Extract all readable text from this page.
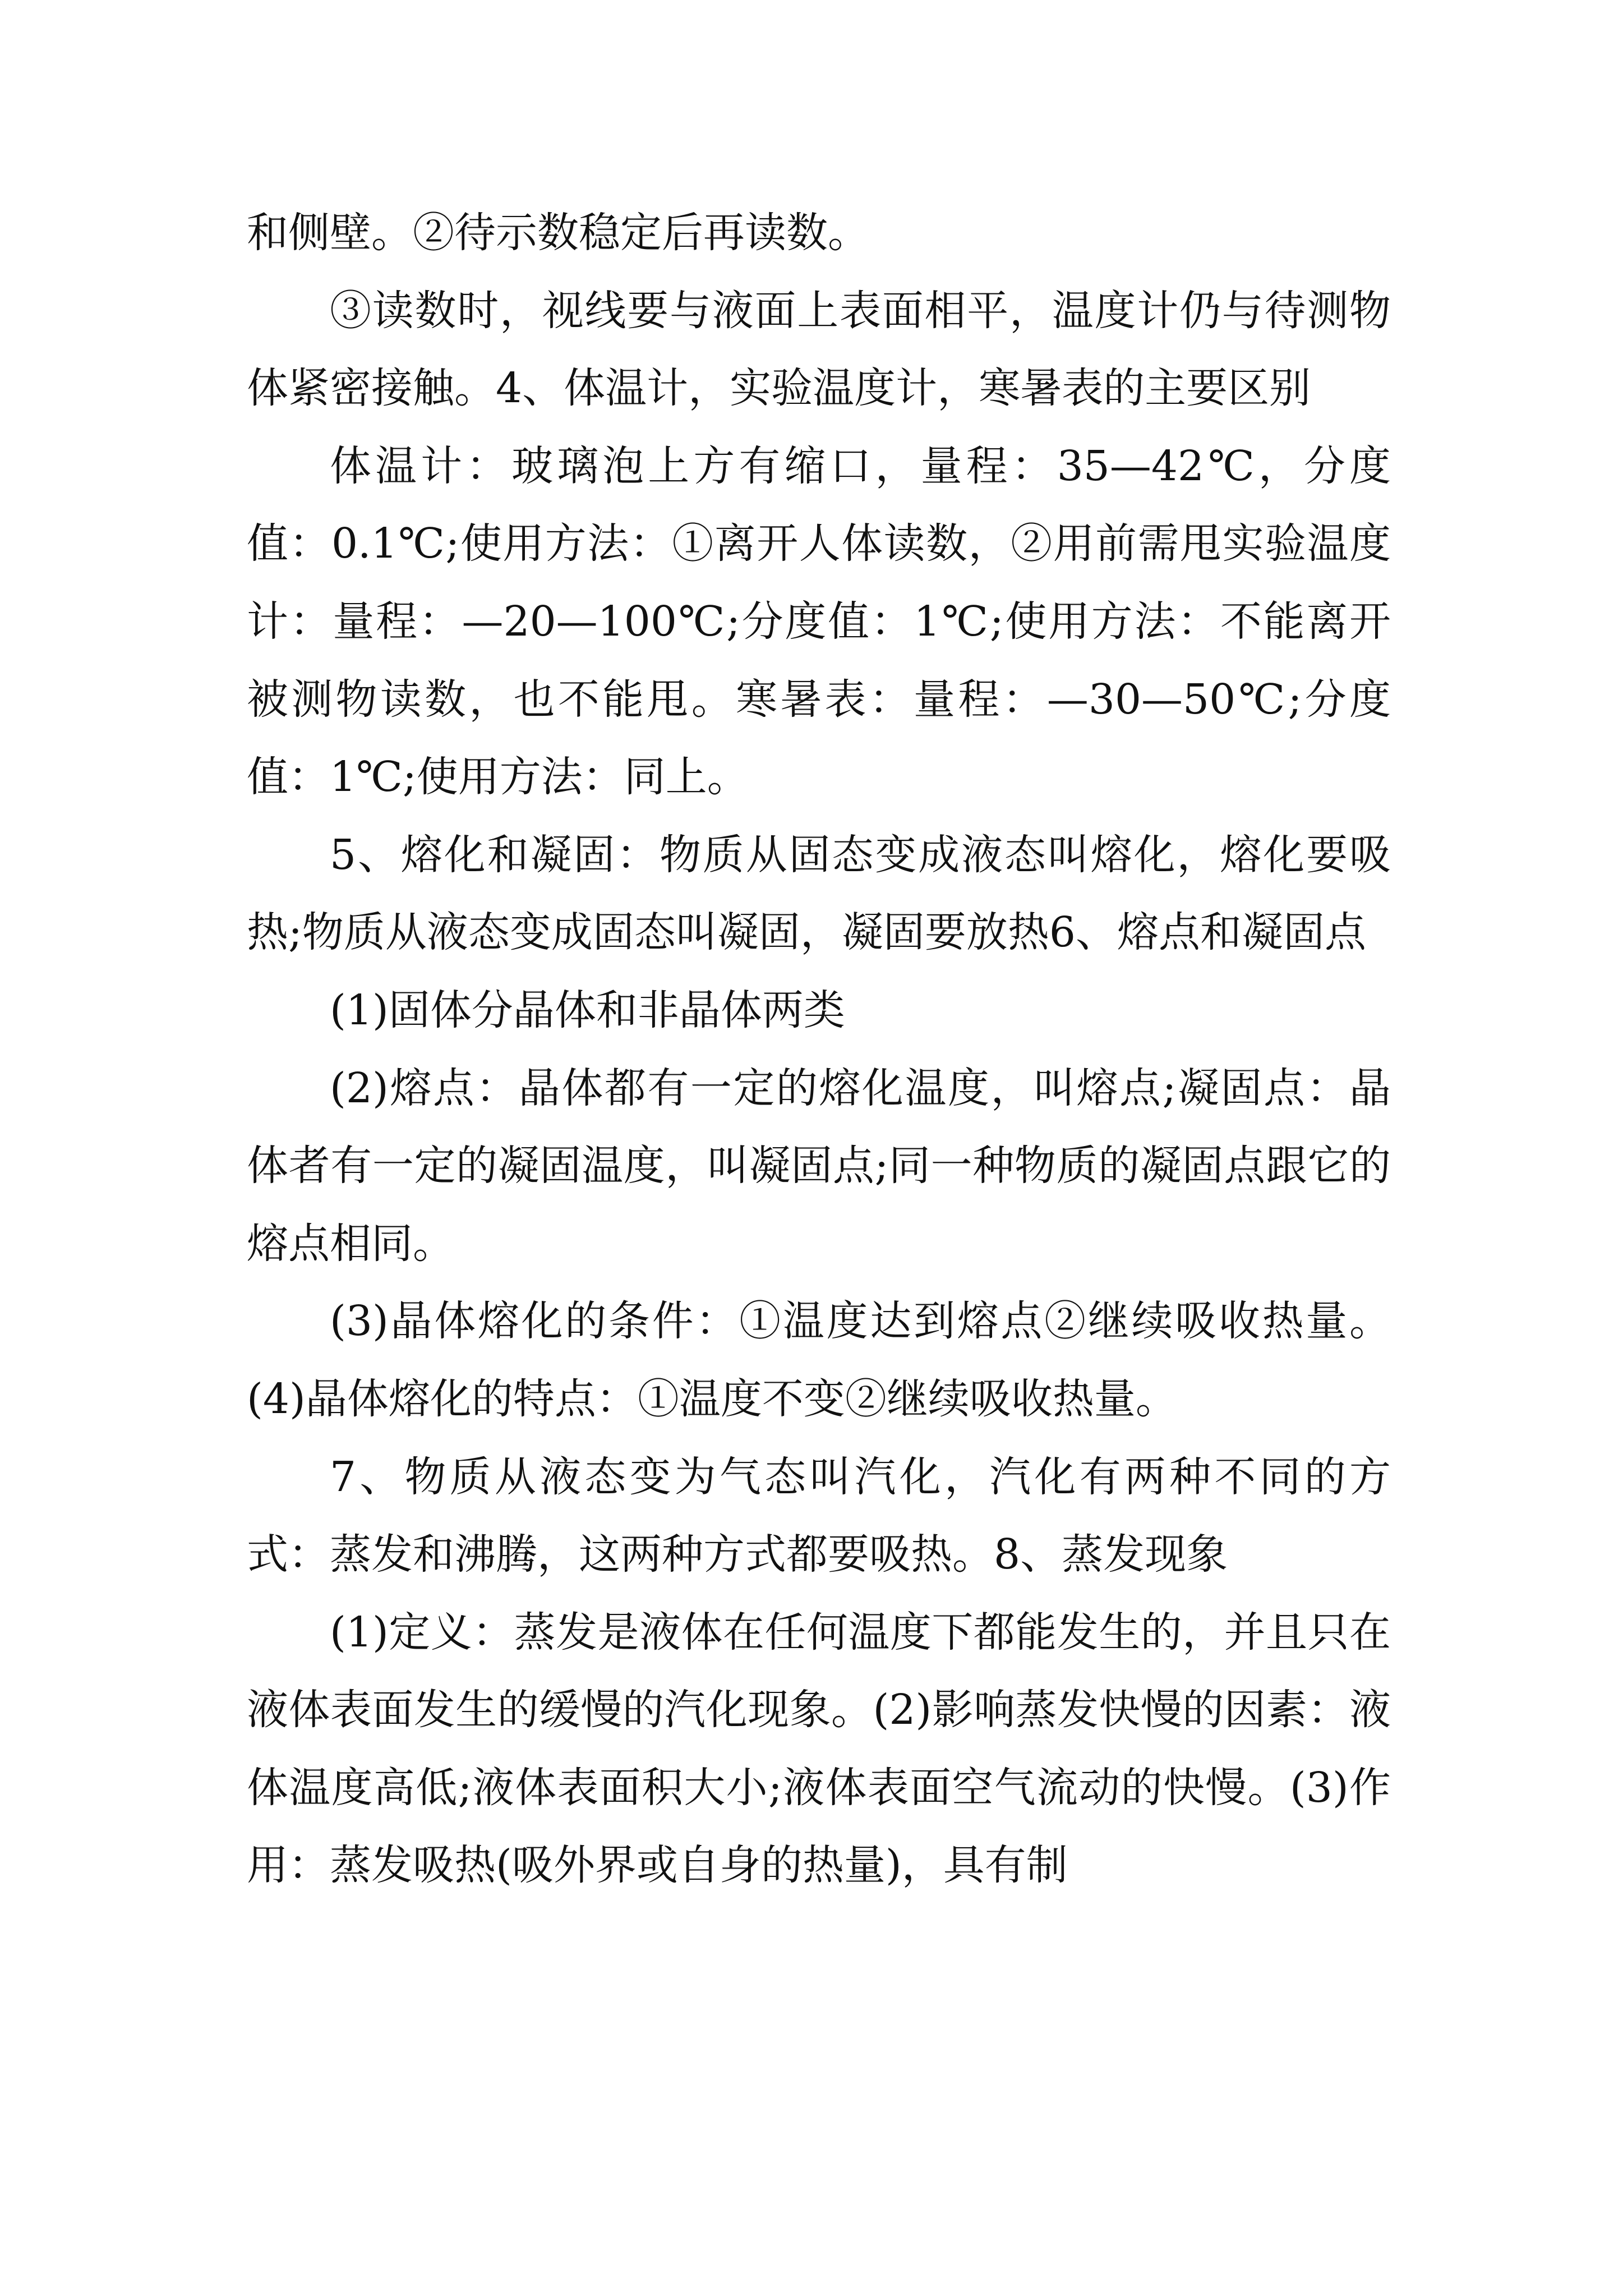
和侧壁。②待示数稳定后再读数。

③读数时，视线要与液面上表面相平，温度计仍与待测物体紧密接触。4、体温计，实验温度计，寒暑表的主要区别

体温计：玻璃泡上方有缩口，量程：35—42℃，分度值：0.1℃;使用方法：①离开人体读数，②用前需甩实验温度计：量程：—20—100℃;分度值：1℃;使用方法：不能离开被测物读数，也不能甩。寒暑表：量程：—30—50℃;分度值：1℃;使用方法：同上。

5、熔化和凝固：物质从固态变成液态叫熔化，熔化要吸热;物质从液态变成固态叫凝固，凝固要放热6、熔点和凝固点

(1)固体分晶体和非晶体两类

(2)熔点：晶体都有一定的熔化温度，叫熔点;凝固点：晶体者有一定的凝固温度，叫凝固点;同一种物质的凝固点跟它的熔点相同。

(3)晶体熔化的条件：①温度达到熔点②继续吸收热量。(4)晶体熔化的特点：①温度不变②继续吸收热量。

7、物质从液态变为气态叫汽化，汽化有两种不同的方式：蒸发和沸腾，这两种方式都要吸热。8、蒸发现象

(1)定义：蒸发是液体在任何温度下都能发生的，并且只在液体表面发生的缓慢的汽化现象。(2)影响蒸发快慢的因素：液体温度高低;液体表面积大小;液体表面空气流动的快慢。(3)作用：蒸发吸热(吸外界或自身的热量)，具有制
